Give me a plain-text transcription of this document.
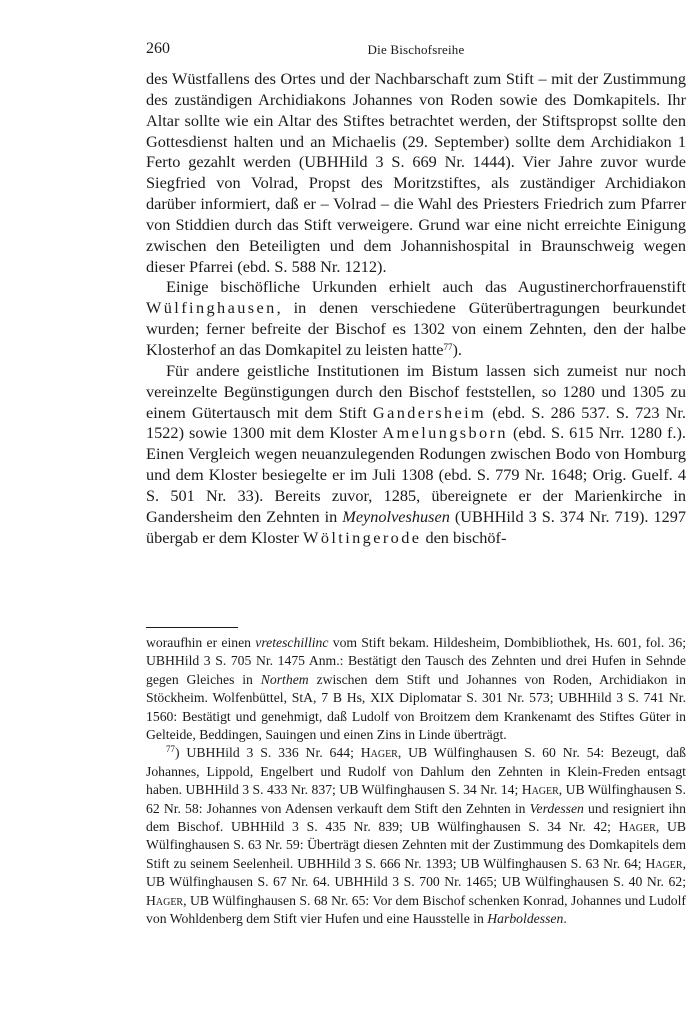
260	Die Bischofsreihe

des Wüstfallens des Ortes und der Nachbarschaft zum Stift – mit der Zustimmung des zuständigen Archidiakons Johannes von Roden sowie des Domkapitels. Ihr Altar sollte wie ein Altar des Stiftes betrachtet werden, der Stiftspropst sollte den Gottesdienst halten und an Michaelis (29. September) sollte dem Archidiakon 1 Ferto gezahlt werden (UBHHild 3 S. 669 Nr. 1444). Vier Jahre zuvor wurde Siegfried von Volrad, Propst des Moritzstiftes, als zuständiger Archidiakon darüber informiert, daß er – Volrad – die Wahl des Priesters Friedrich zum Pfarrer von Stiddien durch das Stift verweigere. Grund war eine nicht erreichte Einigung zwischen den Beteiligten und dem Johannishospital in Braunschweig wegen dieser Pfarrei (ebd. S. 588 Nr. 1212).

Einige bischöfliche Urkunden erhielt auch das Augustinerchorfrauenstift Wülfinghausen, in denen verschiedene Güterübertragungen beurkundet wurden; ferner befreite der Bischof es 1302 von einem Zehnten, den der halbe Klosterhof an das Domkapitel zu leisten hatte$^{77}$).

Für andere geistliche Institutionen im Bistum lassen sich zumeist nur noch vereinzelte Begünstigungen durch den Bischof feststellen, so 1280 und 1305 zu einem Gütertausch mit dem Stift Gandersheim (ebd. S. 286 537. S. 723 Nr. 1522) sowie 1300 mit dem Kloster Amelungsborn (ebd. S. 615 Nrr. 1280 f.). Einen Vergleich wegen neuanzulegenden Rodungen zwischen Bodo von Homburg und dem Kloster besiegelte er im Juli 1308 (ebd. S. 779 Nr. 1648; Orig. Guelf. 4 S. 501 Nr. 33). Bereits zuvor, 1285, übereignete er der Marienkirche in Gandersheim den Zehnten in Meynolveshusen (UBHHild 3 S. 374 Nr. 719). 1297 übergab er dem Kloster Wöltingerode den bischöf-

woraufhin er einen vreteschillinc vom Stift bekam. Hildesheim, Dombibliothek, Hs. 601, fol. 36; UBHHild 3 S. 705 Nr. 1475 Anm.: Bestätigt den Tausch des Zehnten und drei Hufen in Sehnde gegen Gleiches in Northem zwischen dem Stift und Johannes von Roden, Archidiakon in Stöckheim. Wolfenbüttel, StA, 7 B Hs, XIX Diplomatar S. 301 Nr. 573; UBHHild 3 S. 741 Nr. 1560: Bestätigt und genehmigt, daß Ludolf von Broitzem dem Krankenamt des Stiftes Güter in Gelteide, Beddingen, Sauingen und einen Zins in Linde überträgt.

$^{77}$) UBHHild 3 S. 336 Nr. 644; Hager, UB Wülfinghausen S. 60 Nr. 54: Bezeugt, daß Johannes, Lippold, Engelbert und Rudolf von Dahlum den Zehnten in Klein-Freden entsagt haben. UBHHild 3 S. 433 Nr. 837; UB Wülfinghausen S. 34 Nr. 14; Hager, UB Wülfinghausen S. 62 Nr. 58: Johannes von Adensen verkauft dem Stift den Zehnten in Verdessen und resigniert ihn dem Bischof. UBHHild 3 S. 435 Nr. 839; UB Wülfinghausen S. 34 Nr. 42; Hager, UB Wülfinghausen S. 63 Nr. 59: Überträgt diesen Zehnten mit der Zustimmung des Domkapitels dem Stift zu seinem Seelenheil. UBHHild 3 S. 666 Nr. 1393; UB Wülfinghausen S. 63 Nr. 64; Hager, UB Wülfinghausen S. 67 Nr. 64. UBHHild 3 S. 700 Nr. 1465; UB Wülfinghausen S. 40 Nr. 62; Hager, UB Wülfinghausen S. 68 Nr. 65: Vor dem Bischof schenken Konrad, Johannes und Ludolf von Wohldenberg dem Stift vier Hufen und eine Hausstelle in Harboldessen.
